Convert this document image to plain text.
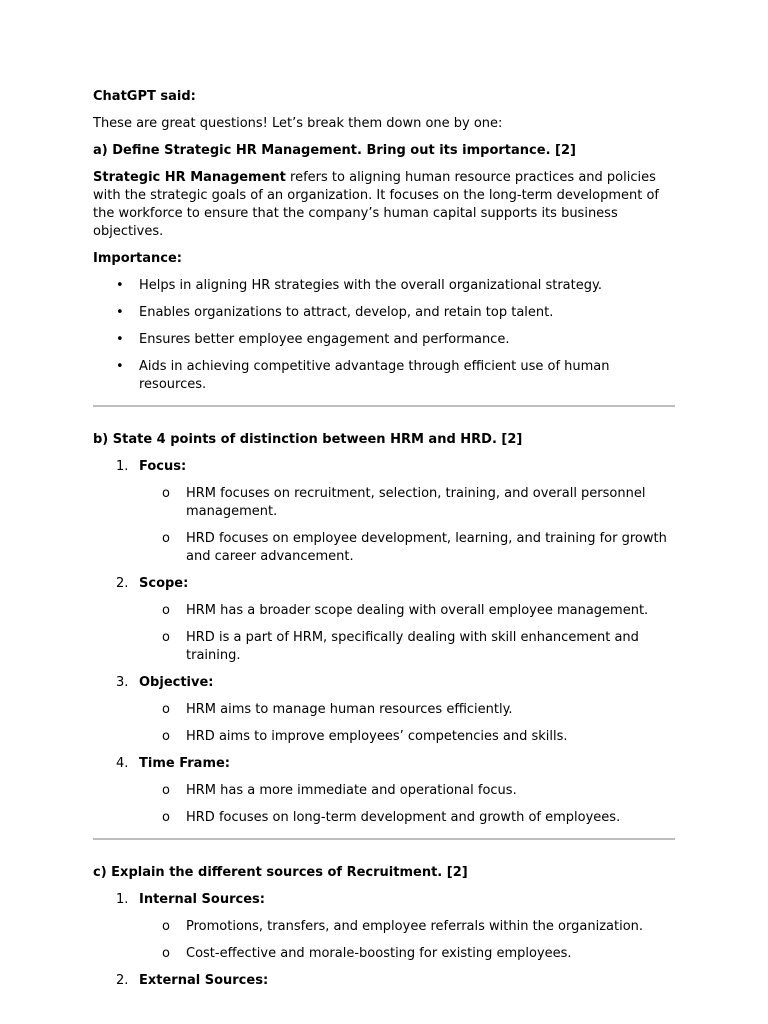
ChatGPT said:

These are great questions! Let’s break them down one by one:

a) Define Strategic HR Management. Bring out its importance. [2]

Strategic HR Management refers to aligning human resource practices and policies with the strategic goals of an organization. It focuses on the long-term development of the workforce to ensure that the company’s human capital supports its business objectives.

Importance:

• Helps in aligning HR strategies with the overall organizational strategy.
• Enables organizations to attract, develop, and retain top talent.
• Ensures better employee engagement and performance.
• Aids in achieving competitive advantage through efficient use of human resources.

b) State 4 points of distinction between HRM and HRD. [2]

1. Focus:
o HRM focuses on recruitment, selection, training, and overall personnel management.
o HRD focuses on employee development, learning, and training for growth and career advancement.
2. Scope:
o HRM has a broader scope dealing with overall employee management.
o HRD is a part of HRM, specifically dealing with skill enhancement and training.
3. Objective:
o HRM aims to manage human resources efficiently.
o HRD aims to improve employees’ competencies and skills.
4. Time Frame:
o HRM has a more immediate and operational focus.
o HRD focuses on long-term development and growth of employees.

c) Explain the different sources of Recruitment. [2]

1. Internal Sources:
o Promotions, transfers, and employee referrals within the organization.
o Cost-effective and morale-boosting for existing employees.
2. External Sources:
